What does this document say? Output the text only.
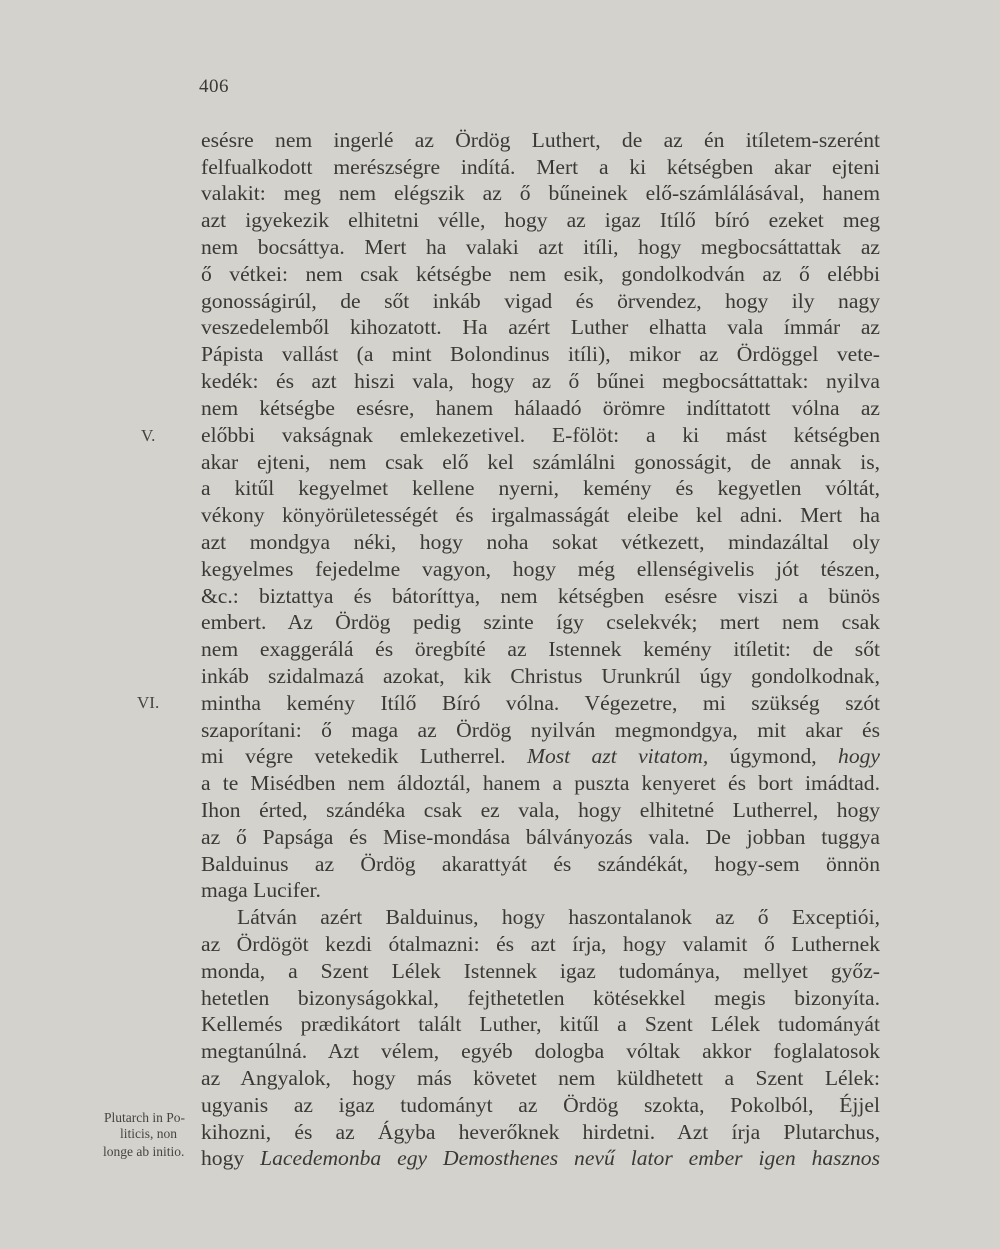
406
esésre nem ingerlé az Ördög Luthert, de az én itíletem-szerént
felfualkodott merészségre indítá. Mert a ki kétségben akar ejteni
valakit: meg nem elégszik az ő bűneinek elő-számlálásával, hanem
azt igyekezik elhitetni vélle, hogy az igaz Itílő bíró ezeket meg
nem bocsáttya. Mert ha valaki azt itíli, hogy megbocsáttattak az
ő vétkei: nem csak kétségbe nem esik, gondolkodván az ő elébbi
gonosságirúl, de sőt inkáb vigad és örvendez, hogy ily nagy
veszedelemből kihozatott. Ha azért Luther elhatta vala ímmár az
Pápista vallást (a mint Bolondinus itíli), mikor az Ördöggel vete-
kedék: és azt hiszi vala, hogy az ő bűnei megbocsáttattak: nyilva
nem kétségbe esésre, hanem hálaadó örömre indíttatott vólna az
előbbi vakságnak emlekezetivel. E-fölöt: a ki mást kétségben
akar ejteni, nem csak elő kel számlálni gonosságit, de annak is,
a kitűl kegyelmet kellene nyerni, kemény és kegyetlen vóltát,
vékony könyörületességét és irgalmasságát eleibe kel adni. Mert ha
azt mondgya néki, hogy noha sokat vétkezett, mindazáltal oly
kegyelmes fejedelme vagyon, hogy még ellenségivelis jót tészen,
&c.: biztattya és bátoríttya, nem kétségben esésre viszi a bünös
embert. Az Ördög pedig szinte így cselekvék; mert nem csak
nem exaggerálá és öregbíté az Istennek kemény itíletit: de sőt
inkáb szidalmazá azokat, kik Christus Urunkrúl úgy gondolkodnak,
mintha kemény Itílő Bíró vólna. Végezetre, mi szükség szót
szaporítani: ő maga az Ördög nyilván megmondgya, mit akar és
mi végre vetekedik Lutherrel. Most azt vitatom, úgymond, hogy
a te Misédben nem áldoztál, hanem a puszta kenyeret és bort imádtad.
Ihon érted, szándéka csak ez vala, hogy elhitetné Lutherrel, hogy
az ő Papsága és Mise-mondása bálványozás vala. De jobban tuggya
Balduinus az Ördög akarattyát és szándékát, hogy-sem önnön
maga Lucifer.
Látván azért Balduinus, hogy haszontalanok az ő Exceptiói,
az Ördögöt kezdi ótalmazni: és azt írja, hogy valamit ő Luthernek
monda, a Szent Lélek Istennek igaz tudománya, mellyet győz-
hetetlen bizonyságokkal, fejthetetlen kötésekkel megis bizonyíta.
Kellemés prædikátort talált Luther, kitűl a Szent Lélek tudományát
megtanúlná. Azt vélem, egyéb dologba vóltak akkor foglalatosok
az Angyalok, hogy más követet nem küldhetett a Szent Lélek:
ugyanis az igaz tudományt az Ördög szokta, Pokolból, Éjjel
kihozni, és az Ágyba heverőknek hirdetni. Azt írja Plutarchus,
hogy Lacedemonba egy Demosthenes nevű lator ember igen hasznos
V.
VI.
Plutarch in Po-
liticis, non
longe ab initio.
